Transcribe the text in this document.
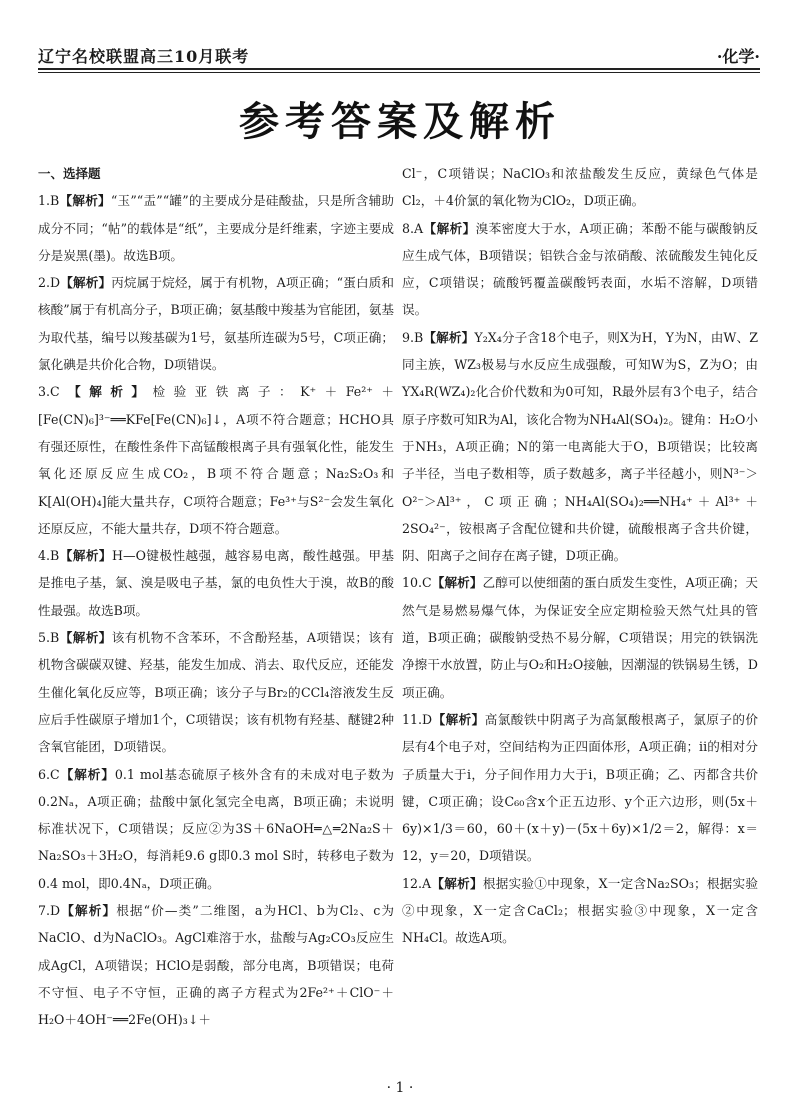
辽宁名校联盟高三10月联考	·化学·
参考答案及解析
一、选择题

1.B【解析】“玉”“盂”“罐”的主要成分是硅酸盐，只是所含辅助成分不同；“帖”的载体是“纸”，主要成分是纤维素，字迹主要成分是炭黑(墨)。故选B项。

2.D【解析】丙烷属于烷烃，属于有机物，A项正确；“蛋白质和核酸”属于有机高分子，B项正确；氨基酸中羧基为官能团，氨基为取代基，编号以羧基碳为1号，氨基所连碳为5号，C项正确；氯化碘是共价化合物，D项错误。

3.C【解析】检验亚铁离子：K⁺＋Fe²⁺＋[Fe(CN)₆]³⁻══KFe[Fe(CN)₆]↓，A项不符合题意；HCHO具有强还原性，在酸性条件下高锰酸根离子具有强氧化性，能发生氧化还原反应生成CO₂，B项不符合题意；Na₂S₂O₃和K[Al(OH)₄]能大量共存，C项符合题意；Fe³⁺与S²⁻会发生氧化还原反应，不能大量共存，D项不符合题意。

4.B【解析】H—O键极性越强，越容易电离，酸性越强。甲基是推电子基，氯、溴是吸电子基，氯的电负性大于溴，故B的酸性最强。故选B项。

5.B【解析】该有机物不含苯环，不含酚羟基，A项错误；该有机物含碳碳双键、羟基，能发生加成、消去、取代反应，还能发生催化氧化反应等，B项正确；该分子与Br₂的CCl₄溶液发生反应后手性碳原子增加1个，C项错误；该有机物有羟基、醚键2种含氧官能团，D项错误。

6.C【解析】0.1 mol基态硫原子核外含有的未成对电子数为0.2Nₐ，A项正确；盐酸中氯化氢完全电离，B项正确；未说明标准状况下，C项错误；反应②为3S＋6NaOH═△═2Na₂S＋Na₂SO₃＋3H₂O，每消耗9.6 g即0.3 mol S时，转移电子数为0.4 mol，即0.4Nₐ，D项正确。

7.D【解析】根据“价—类”二维图，a为HCl、b为Cl₂、c为NaClO、d为NaClO₃。AgCl难溶于水，盐酸与Ag₂CO₃反应生成AgCl，A项错误；HClO是弱酸，部分电离，B项错误；电荷不守恒、电子不守恒，正确的离子方程式为2Fe²⁺＋ClO⁻＋H₂O＋4OH⁻══2Fe(OH)₃↓＋

Cl⁻，C项错误；NaClO₃和浓盐酸发生反应，黄绿色气体是Cl₂，＋4价氯的氧化物为ClO₂，D项正确。

8.A【解析】溴苯密度大于水，A项正确；苯酚不能与碳酸钠反应生成气体，B项错误；铝铁合金与浓硝酸、浓硫酸发生钝化反应，C项错误；硫酸钙覆盖碳酸钙表面，水垢不溶解，D项错误。

9.B【解析】Y₂X₄分子含18个电子，则X为H，Y为N，由W、Z同主族，WZ₃极易与水反应生成强酸，可知W为S，Z为O；由YX₄R(WZ₄)₂化合价代数和为0可知，R最外层有3个电子，结合原子序数可知R为Al，该化合物为NH₄Al(SO₄)₂。键角：H₂O小于NH₃，A项正确；N的第一电离能大于O，B项错误；比较离子半径，当电子数相等，质子数越多，离子半径越小，则N³⁻＞O²⁻＞Al³⁺，C项正确；NH₄Al(SO₄)₂══NH₄⁺＋Al³⁺＋2SO₄²⁻，铵根离子含配位键和共价键，硫酸根离子含共价键，阴、阳离子之间存在离子键，D项正确。

10.C【解析】乙醇可以使细菌的蛋白质发生变性，A项正确；天然气是易燃易爆气体，为保证安全应定期检验天然气灶具的管道，B项正确；碳酸钠受热不易分解，C项错误；用完的铁锅洗净擦干水放置，防止与O₂和H₂O接触，因潮湿的铁锅易生锈，D项正确。

11.D【解析】高氯酸铁中阴离子为高氯酸根离子，氯原子的价层有4个电子对，空间结构为正四面体形，A项正确；ii的相对分子质量大于i，分子间作用力大于i，B项正确；乙、丙都含共价键，C项正确；设C₆₀含x个正五边形、y个正六边形，则(5x＋6y)×1/3＝60，60＋(x＋y)－(5x＋6y)×1/2＝2，解得：x＝12，y＝20，D项错误。

12.A【解析】根据实验①中现象，X一定含Na₂SO₃；根据实验②中现象，X一定含CaCl₂；根据实验③中现象，X一定含NH₄Cl。故选A项。

· 1 ·
